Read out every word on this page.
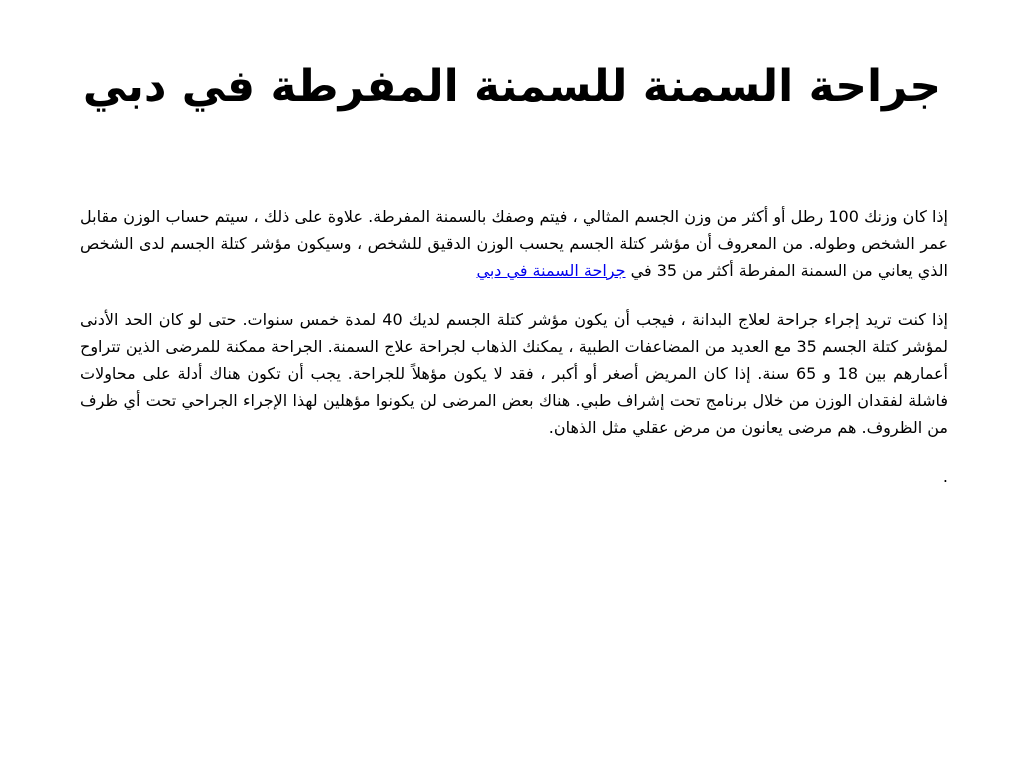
جراحة السمنة للسمنة المفرطة في دبي

إذا كان وزنك 100 رطل أو أكثر من وزن الجسم المثالي ، فيتم وصفك بالسمنة المفرطة. علاوة على ذلك ، سيتم حساب الوزن مقابل عمر الشخص وطوله. من المعروف أن مؤشر كتلة الجسم يحسب الوزن الدقيق للشخص ، وسيكون مؤشر كتلة الجسم لدى الشخص الذي يعاني من السمنة المفرطة أكثر من 35 في جراحة السمنة في دبي

إذا كنت تريد إجراء جراحة لعلاج البدانة ، فيجب أن يكون مؤشر كتلة الجسم لديك 40 لمدة خمس سنوات. حتى لو كان الحد الأدنى لمؤشر كتلة الجسم 35 مع العديد من المضاعفات الطبية ، يمكنك الذهاب لجراحة علاج السمنة. الجراحة ممكنة للمرضى الذين تتراوح أعمارهم بين 18 و 65 سنة. إذا كان المريض أصغر أو أكبر ، فقد لا يكون مؤهلاً للجراحة. يجب أن تكون هناك أدلة على محاولات فاشلة لفقدان الوزن من خلال برنامج تحت إشراف طبي. هناك بعض المرضى لن يكونوا مؤهلين لهذا الإجراء الجراحي تحت أي ظرف من الظروف. هم مرضى يعانون من مرض عقلي مثل الذهان.

.
